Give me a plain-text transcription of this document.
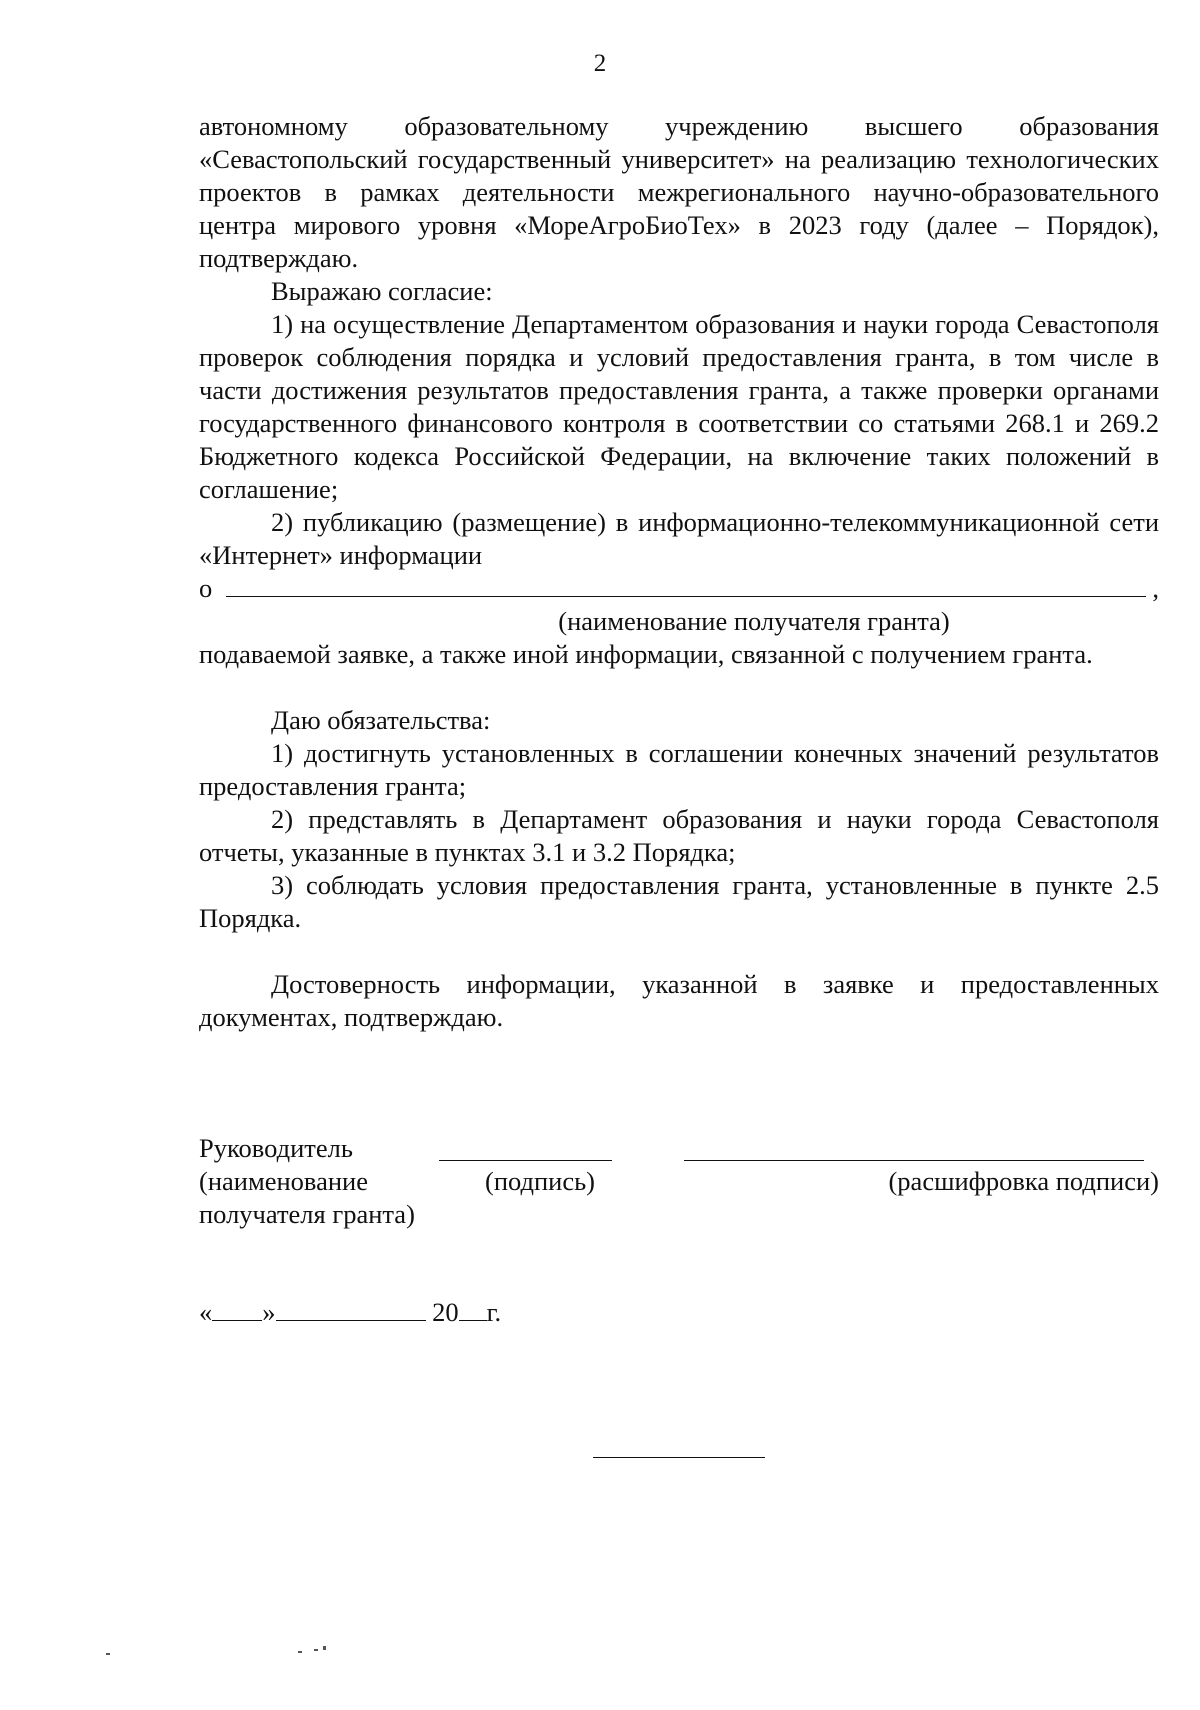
2

автономному образовательному учреждению высшего образования «Севастопольский государственный университет» на реализацию технологических проектов в рамках деятельности межрегионального научно-образовательного центра мирового уровня «МореАгроБиоТех» в 2023 году (далее – Порядок), подтверждаю.

Выражаю согласие:

1) на осуществление Департаментом образования и науки города Севастополя проверок соблюдения порядка и условий предоставления гранта, в том числе в части достижения результатов предоставления гранта, а также проверки органами государственного финансового контроля в соответствии со статьями 268.1 и 269.2 Бюджетного кодекса Российской Федерации, на включение таких положений в соглашение;

2) публикацию (размещение) в информационно-телекоммуникационной сети «Интернет» информации

о	,
(наименование получателя гранта)

подаваемой заявке, а также иной информации, связанной с получением гранта.

Даю обязательства:

1) достигнуть установленных в соглашении конечных значений результатов предоставления гранта;

2) представлять в Департамент образования и науки города Севастополя отчеты, указанные в пунктах 3.1 и 3.2 Порядка;

3) соблюдать условия предоставления гранта, установленные в пункте 2.5 Порядка.

Достоверность информации, указанной в заявке и предоставленных документах, подтверждаю.

Руководитель
(наименование
получателя гранта)
(подпись)	(расшифровка подписи)
« »	20 г.
